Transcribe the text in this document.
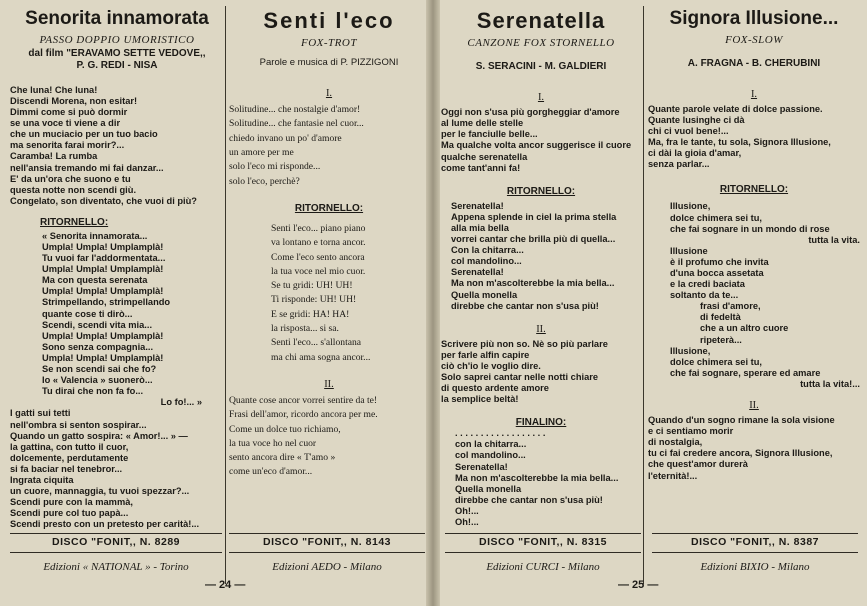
Senorita innamorata
PASSO DOPPIO UMORISTICO
dal film "ERAVAMO SETTE VEDOVE,,
P. G. REDI - NISA
Che luna! Che luna!
Discendi Morena, non esitar!
Dimmi come si può dormir
se una voce ti viene a dir
che un muciacio per un tuo bacio
ma senorita farai morir?...
Caramba! La rumba
nell'ansia tremando mi fai danzar...
E' da un'ora che suono e tu
questa notte non scendi giù.
Congelato, son diventato, che vuoi di più?
RITORNELLO:
« Senorita innamorata...
Umpla! Umpla! Umplamplà!
Tu vuoi far l'addormentata...
Umpla! Umpla! Umplamplà!
Ma con questa serenata
Umpla! Umpla! Umplamplà!
Strimpellando, strimpellando
quante cose ti dirò...
Scendi, scendi vita mia...
Umpla! Umpla! Umplamplà!
Sono senza compagnia...
Umpla! Umpla! Umplamplà!
Se non scendi sai che fo?
Io « Valencia » suonerò...
Tu dirai che non fa fo...
Lo fo!... »
I gatti sui tetti
nell'ombra si senton sospirar...
Quando un gatto sospira: « Amor!... » —
la gattina, con tutto il cuor,
dolcemente, perdutamente
si fa baciar nel tenebror...
Ingrata ciquita
un cuore, mannaggia, tu vuoi spezzar?...
Scendi pure con la mammà,
Scendi pure col tuo papà...
Scendi presto con un pretesto per carità!...
DISCO "FONIT,, N. 8289
Edizioni « NATIONAL » - Torino
Senti l'eco
FOX-TROT
Parole e musica di P. PIZZIGONI
I.
Solitudine... che nostalgie d'amor!
Solitudine... che fantasie nel cuor...
chiedo invano un po' d'amore
un amore per me
solo l'eco mi risponde...
solo l'eco, perchè?
RITORNELLO:
Senti l'eco... piano piano
va lontano e torna ancor.
Come l'eco sento ancora
la tua voce nel mio cuor.
Se tu gridi: UH! UH!
Ti risponde: UH! UH!
E se gridi: HA! HA!
la risposta... si sa.
Senti l'eco... s'allontana
ma chi ama sogna ancor...
II.
Quante cose ancor vorrei sentire da te!
Frasi dell'amor, ricordo ancora per me.
Come un dolce tuo richiamo,
la tua voce ho nel cuor
sento ancora dire « T'amo »
come un'eco d'amor...
DISCO "FONIT,, N. 8143
Edizioni AEDO - Milano
— 24 —
Serenatella
CANZONE FOX STORNELLO
S. SERACINI - M. GALDIERI
I.
Oggi non s'usa più gorgheggiar d'amore
al lume delle stelle
per le fanciulle belle...
Ma qualche volta ancor suggerisce il cuore
qualche serenatella
come tant'anni fa!
RITORNELLO:
Serenatella!
Appena splende in ciel la prima stella
alla mia bella
vorrei cantar che brilla più di quella...
Con la chitarra...
col mandolino...
Serenatella!
Ma non m'ascolterebbe la mia bella...
Quella monella
direbbe che cantar non s'usa più!
II.
Scrivere più non so. Nè so più parlare
per farle alfin capire
ciò ch'io le voglio dire.
Solo saprei cantar nelle notti chiare
di questo ardente amore
la semplice beltà!
FINALINO:
. . . . . . . . . . . . . . . . . .
con la chitarra...
col mandolino...
Serenatella!
Ma non m'ascolterebbe la mia bella...
Quella monella
direbbe che cantar non s'usa più!
Oh!...
Oh!...
DISCO "FONIT,, N. 8315
Edizioni CURCI - Milano
— 25 —
Signora Illusione...
FOX-SLOW
A. FRAGNA - B. CHERUBINI
I.
Quante parole velate di dolce passione.
Quante lusinghe ci dà
chi ci vuol bene!...
Ma, fra le tante, tu sola, Signora Illusione,
ci dài la gioia d'amar,
senza parlar...
RITORNELLO:
Illusione,
dolce chimera sei tu,
che fai sognare in un mondo di rose
tutta la vita.
Illusione
è il profumo che invita
d'una bocca assetata
e la credi baciata
soltanto da te...
frasi d'amore,
di fedeltà
che a un altro cuore
ripeterà...
Illusione,
dolce chimera sei tu,
che fai sognare, sperare ed amare
tutta la vita!...
II.
Quando d'un sogno rimane la sola visione
e ci sentiamo morir
di nostalgia,
tu ci fai credere ancora, Signora Illusione,
che quest'amor durerà
l'eternità!...
DISCO "FONIT,, N. 8387
Edizioni BIXIO - Milano
